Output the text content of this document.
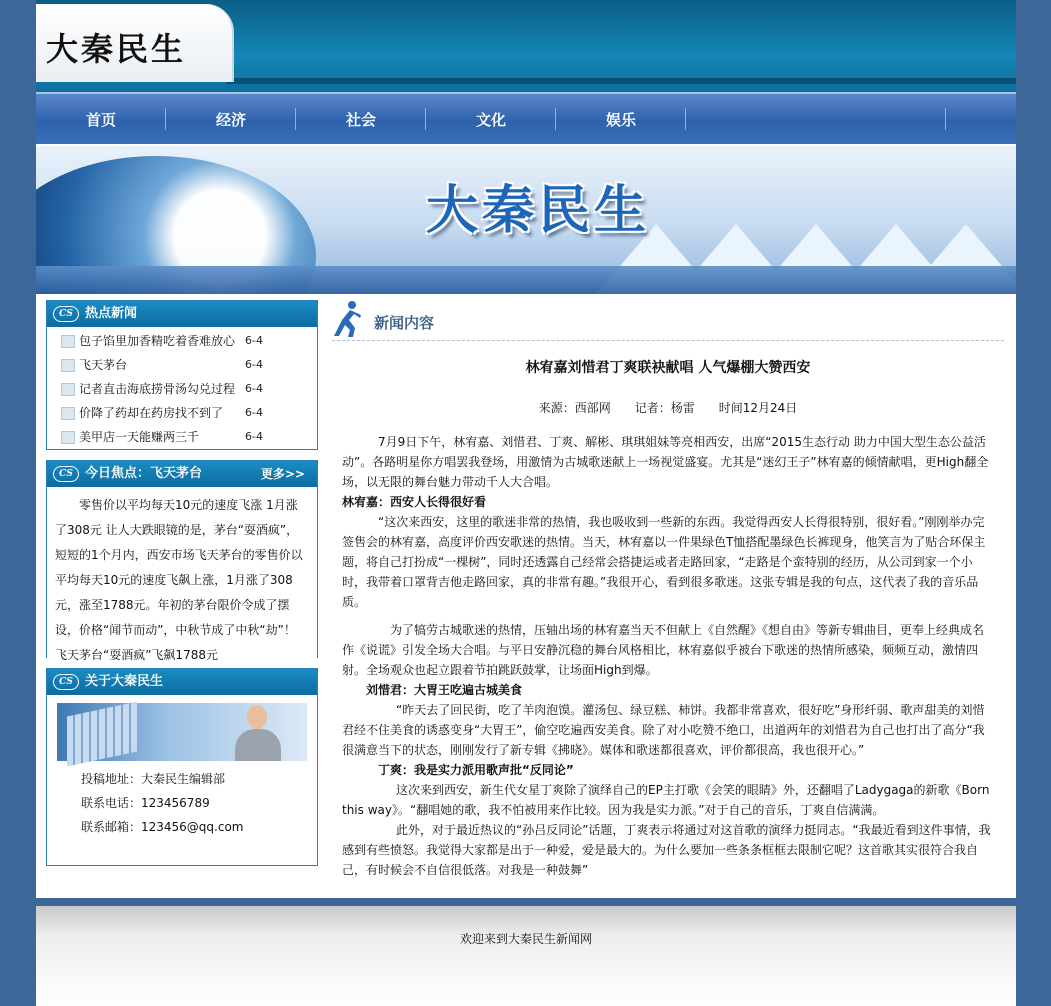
大秦民生
首页	经济	社会	文化	娱乐
大秦民生
CS 热点新闻
包子馅里加香精吃着香难放心 6-4
飞天茅台	6-4
记者直击海底捞骨汤勾兑过程 6-4
价降了药却在药房找不到了	6-4
美甲店一天能赚两三千	6-4
CS 今日焦点：飞天茅台	更多>>
零售价以平均每天10元的速度飞涨 1月涨了308元 让人大跌眼镜的是，茅台“耍酒疯”，短短的1个月内，西安市场飞天茅台的零售价以平均每天10元的速度飞飙上涨，1月涨了308元，涨至1788元。年初的茅台限价令成了摆设，价格“闻节而动”，中秋节成了中秋“劫”！ 飞天茅台“耍酒疯”飞飙1788元
CS 关于大秦民生
投稿地址：大秦民生编辑部
联系电话：123456789
联系邮箱：123456@qq.com
新闻内容
林宥嘉刘惜君丁爽联袂献唱 人气爆棚大赞西安
来源：西部网　　记者：杨雷　　时间12月24日

7月9日下午，林宥嘉、刘惜君、丁爽、解彬、琪琪姐妹等亮相西安，出席“2015生态行动 助力中国大型生态公益活动”。各路明星你方唱罢我登场，用激情为古城歌迷献上一场视觉盛宴。尤其是“迷幻王子”林宥嘉的倾情献唱，更High翻全场，以无限的舞台魅力带动千人大合唱。

林宥嘉：西安人长得很好看

“这次来西安，这里的歌迷非常的热情，我也吸收到一些新的东西。我觉得西安人长得很特别，很好看。”刚刚举办完签售会的林宥嘉，高度评价西安歌迷的热情。当天，林宥嘉以一件果绿色T恤搭配墨绿色长裤现身，他笑言为了贴合环保主题，将自己打扮成“一棵树”，同时还透露自己经常会搭捷运或者走路回家，“走路是个蛮特别的经历，从公司到家一个小时，我带着口罩背吉他走路回家，真的非常有趣。”我很开心，看到很多歌迷。这张专辑是我的句点，这代表了我的音乐品质。

为了犒劳古城歌迷的热情，压轴出场的林宥嘉当天不但献上《自然醒》《想自由》等新专辑曲目，更奉上经典成名作《说谎》引发全场大合唱。与平日安静沉稳的舞台风格相比，林宥嘉似乎被台下歌迷的热情所感染，频频互动，激情四射。全场观众也起立跟着节拍跳跃鼓掌，让场面High到爆。

刘惜君：大胃王吃遍古城美食

“昨天去了回民街，吃了羊肉泡馍。灌汤包、绿豆糕、柿饼。我都非常喜欢，很好吃”身形纤弱、歌声甜美的刘惜君经不住美食的诱惑变身“大胃王”，偷空吃遍西安美食。除了对小吃赞不绝口，出道两年的刘惜君为自己也打出了高分“我很满意当下的状态，刚刚发行了新专辑《拂晓》。媒体和歌迷都很喜欢，评价都很高，我也很开心。”

丁爽：我是实力派用歌声批“反同论”

这次来到西安，新生代女星丁爽除了演绎自己的EP主打歌《会笑的眼睛》外，还翻唱了Ladygaga的新歌《Born this way》。“翻唱她的歌，我不怕被用来作比较。因为我是实力派。”对于自己的音乐，丁爽自信满满。

此外，对于最近热议的“孙吕反同论”话题，丁爽表示将通过对这首歌的演绎力挺同志。“我最近看到这件事情，我感到有些愤怒。我觉得大家都是出于一种爱，爱是最大的。为什么要加一些条条框框去限制它呢？这首歌其实很符合我自己，有时候会不自信很低落。对我是一种鼓舞”

欢迎来到大秦民生新闻网
